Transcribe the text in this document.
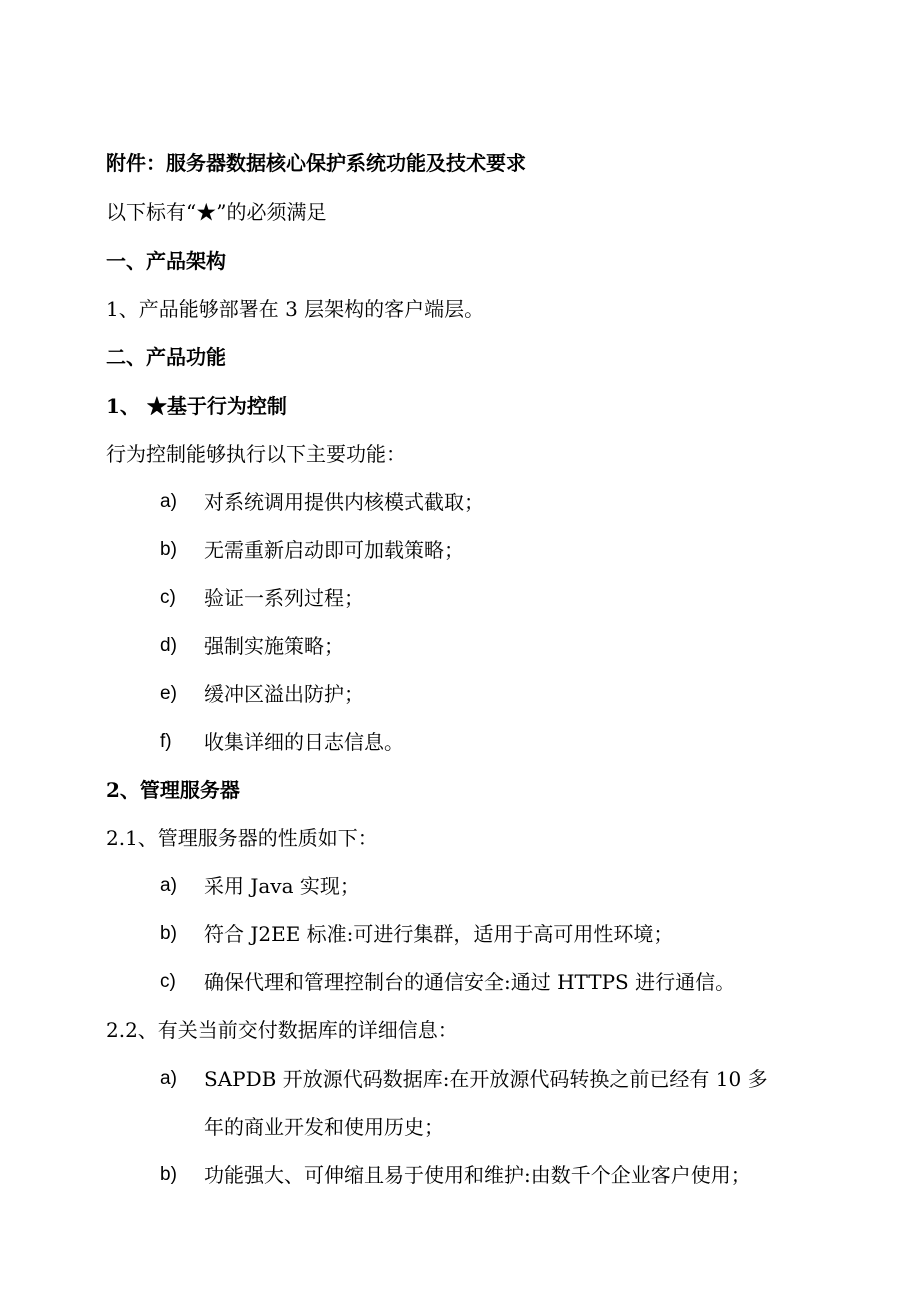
附件：服务器数据核心保护系统功能及技术要求
以下标有“★”的必须满足
一、产品架构
1、产品能够部署在 3 层架构的客户端层。
二、产品功能
1、 ★基于行为控制
行为控制能够执行以下主要功能：
a) 对系统调用提供内核模式截取；
b) 无需重新启动即可加载策略；
c) 验证一系列过程；
d) 强制实施策略；
e) 缓冲区溢出防护；
f) 收集详细的日志信息。
2、管理服务器
2.1、管理服务器的性质如下：
a) 采用 Java 实现；
b) 符合 J2EE 标准:可进行集群，适用于高可用性环境；
c) 确保代理和管理控制台的通信安全:通过 HTTPS 进行通信。
2.2、有关当前交付数据库的详细信息：
a) SAPDB 开放源代码数据库:在开放源代码转换之前已经有 10 多
年的商业开发和使用历史；
b) 功能强大、可伸缩且易于使用和维护:由数千个企业客户使用；
